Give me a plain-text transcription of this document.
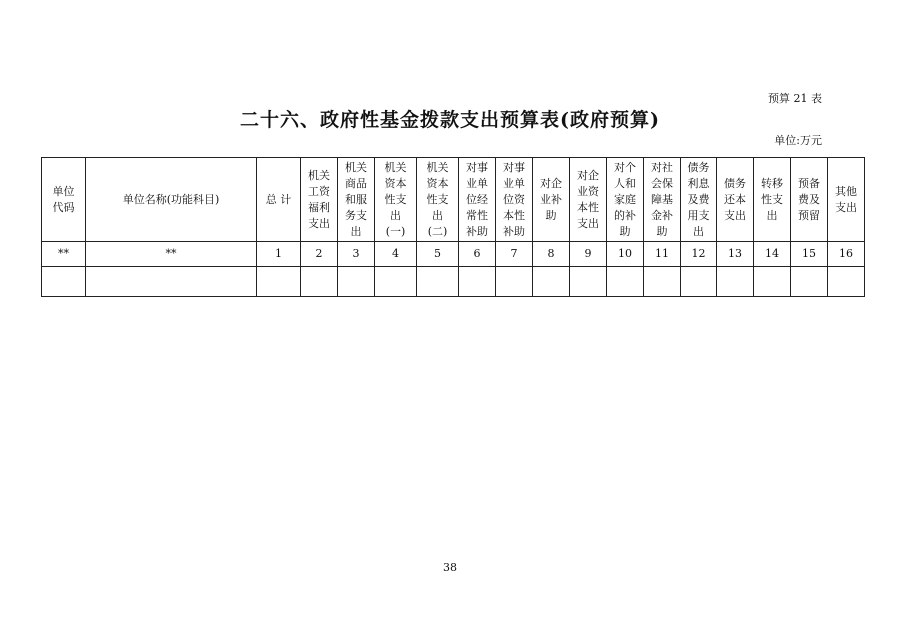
预算 21 表
二十六、政府性基金拨款支出预算表(政府预算)
单位:万元
单位
代码	单位名称(功能科目)	总 计	机关
工资
福利
支出	机关
商品
和服
务支
出	机关
资本
性支
出
(一)	机关
资本
性支
出
(二)	对事
业单
位经
常性
补助	对事
业单
位资
本性
补助	对企
业补
助	对企
业资
本性
支出	对个
人和
家庭
的补
助	对社
会保
障基
金补
助	债务
利息
及费
用支
出	债务
还本
支出	转移
性支
出	预备
费及
预留	其他
支出
**	**	1	2	3	4	5	6	7	8	9	10	11	12	13	14	15	16

38
